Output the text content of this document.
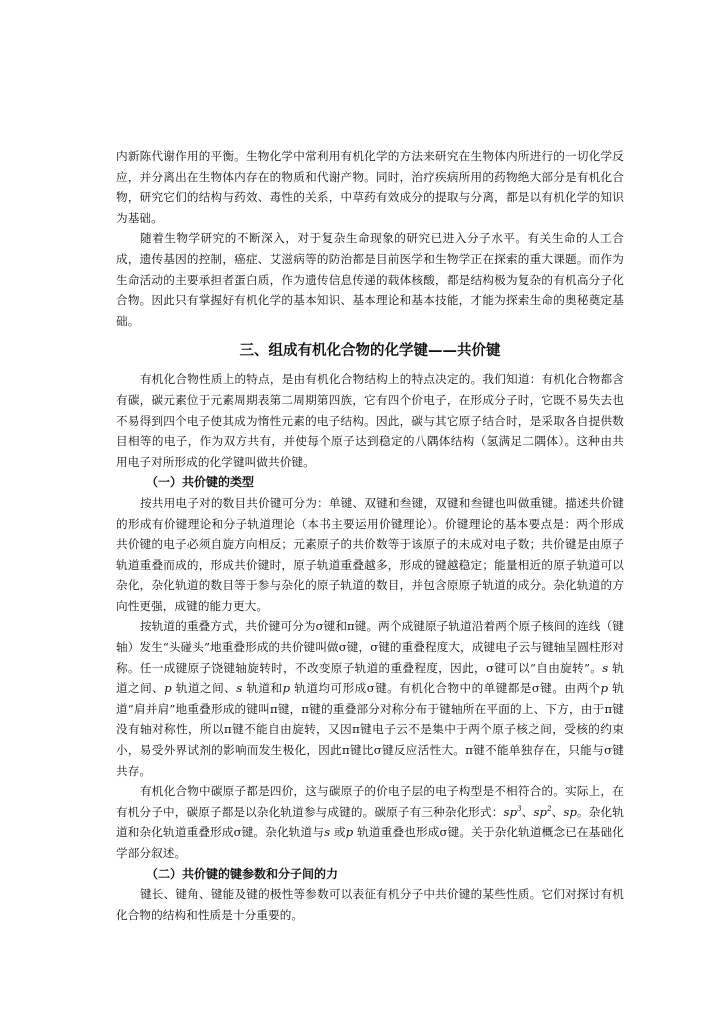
内新陈代谢作用的平衡。生物化学中常利用有机化学的方法来研究在生物体内所进行的一切化学反应，并分离出在生物体内存在的物质和代谢产物。同时，治疗疾病所用的药物绝大部分是有机化合物，研究它们的结构与药效、毒性的关系，中草药有效成分的提取与分离，都是以有机化学的知识为基础。

随着生物学研究的不断深入，对于复杂生命现象的研究已进入分子水平。有关生命的人工合成，遗传基因的控制，癌症、艾滋病等的防治都是目前医学和生物学正在探索的重大课题。而作为生命活动的主要承担者蛋白质，作为遗传信息传递的载体核酸，都是结构极为复杂的有机高分子化合物。因此只有掌握好有机化学的基本知识、基本理论和基本技能，才能为探索生命的奥秘奠定基础。

三、组成有机化合物的化学键——共价键

有机化合物性质上的特点，是由有机化合物结构上的特点决定的。我们知道：有机化合物都含有碳，碳元素位于元素周期表第二周期第四族，它有四个价电子，在形成分子时，它既不易失去也不易得到四个电子使其成为惰性元素的电子结构。因此，碳与其它原子结合时，是采取各自提供数目相等的电子，作为双方共有，并使每个原子达到稳定的八隅体结构（氢满足二隅体）。这种由共用电子对所形成的化学键叫做共价键。

（一）共价键的类型

按共用电子对的数目共价键可分为：单键、双键和叁键，双键和叁键也叫做重键。描述共价键的形成有价键理论和分子轨道理论（本书主要运用价键理论）。价键理论的基本要点是：两个形成共价键的电子必须自旋方向相反；元素原子的共价数等于该原子的未成对电子数；共价键是由原子轨道重叠而成的，形成共价键时，原子轨道重叠越多，形成的键越稳定；能量相近的原子轨道可以杂化，杂化轨道的数目等于参与杂化的原子轨道的数目，并包含原原子轨道的成分。杂化轨道的方向性更强，成键的能力更大。

按轨道的重叠方式，共价键可分为σ键和π键。两个成键原子轨道沿着两个原子核间的连线（键轴）发生“头碰头”地重叠形成的共价键叫做σ键，σ键的重叠程度大，成键电子云与键轴呈圆柱形对称。任一成键原子饶键轴旋转时，不改变原子轨道的重叠程度，因此，σ键可以“自由旋转”。s 轨道之间、p 轨道之间、s 轨道和p 轨道均可形成σ键。有机化合物中的单键都是σ键。由两个p 轨道“肩并肩”地重叠形成的键叫π键，π键的重叠部分对称分布于键轴所在平面的上、下方，由于π键没有轴对称性，所以π键不能自由旋转，又因π键电子云不是集中于两个原子核之间，受核的约束小，易受外界试剂的影响而发生极化，因此π键比σ键反应活性大。π键不能单独存在，只能与σ键共存。

有机化合物中碳原子都是四价，这与碳原子的价电子层的电子构型是不相符合的。实际上，在有机分子中，碳原子都是以杂化轨道参与成键的。碳原子有三种杂化形式：$sp^3$、$sp^2$、sp。杂化轨道和杂化轨道重叠形成σ键。杂化轨道与s 或p 轨道重叠也形成σ键。关于杂化轨道概念已在基础化学部分叙述。

（二）共价键的键参数和分子间的力

键长、键角、键能及键的极性等参数可以表征有机分子中共价键的某些性质。它们对探讨有机化合物的结构和性质是十分重要的。
